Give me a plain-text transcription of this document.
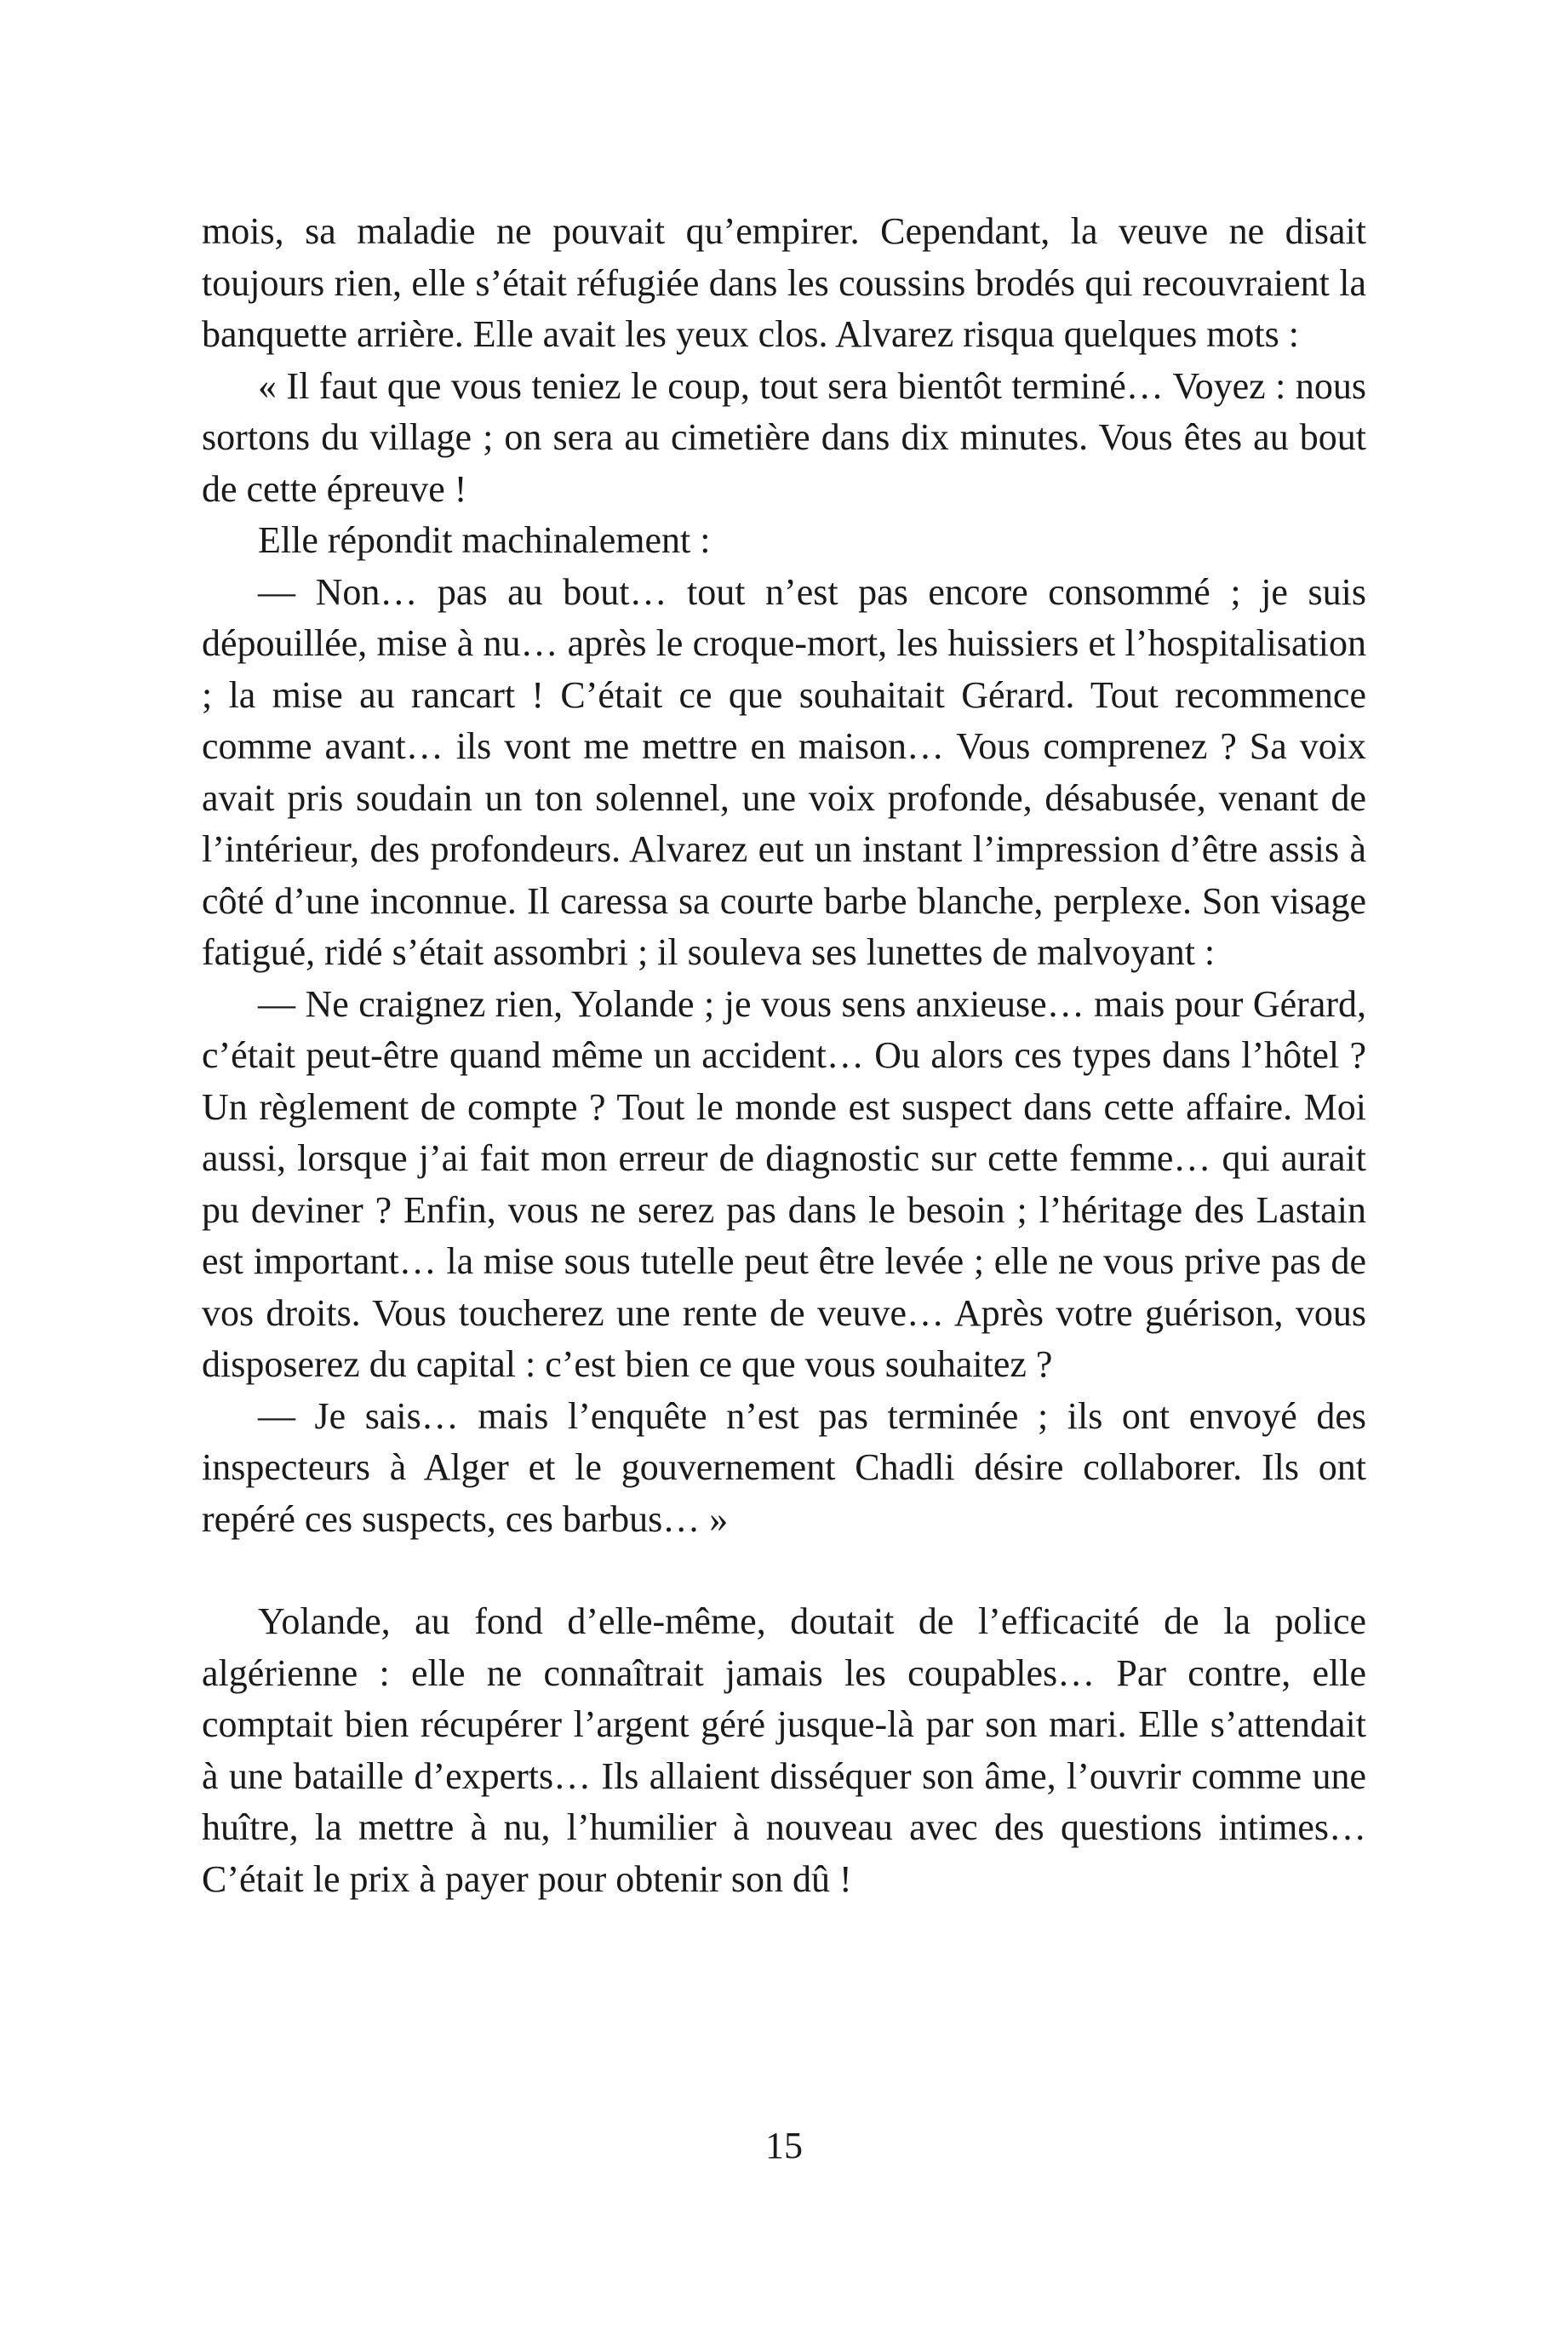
mois, sa maladie ne pouvait qu’empirer. Cependant, la veuve ne disait toujours rien, elle s’était réfugiée dans les coussins brodés qui recouvraient la banquette arrière. Elle avait les yeux clos. Alvarez risqua quelques mots :

« Il faut que vous teniez le coup, tout sera bientôt terminé… Voyez : nous sortons du village ; on sera au cimetière dans dix minutes. Vous êtes au bout de cette épreuve !

Elle répondit machinalement :

— Non… pas au bout… tout n’est pas encore consommé ; je suis dépouillée, mise à nu… après le croque-mort, les huissiers et l’hospitalisation ; la mise au rancart ! C’était ce que souhaitait Gérard. Tout recommence comme avant… ils vont me mettre en maison… Vous comprenez ? Sa voix avait pris soudain un ton solennel, une voix profonde, désabusée, venant de l’intérieur, des profondeurs. Alvarez eut un instant l’impression d’être assis à côté d’une inconnue. Il caressa sa courte barbe blanche, perplexe. Son visage fatigué, ridé s’était assombri ; il souleva ses lunettes de malvoyant :

— Ne craignez rien, Yolande ; je vous sens anxieuse… mais pour Gérard, c’était peut-être quand même un accident… Ou alors ces types dans l’hôtel ? Un règlement de compte ? Tout le monde est suspect dans cette affaire. Moi aussi, lorsque j’ai fait mon erreur de diagnostic sur cette femme… qui aurait pu deviner ? Enfin, vous ne serez pas dans le besoin ; l’héritage des Lastain est important… la mise sous tutelle peut être levée ; elle ne vous prive pas de vos droits. Vous toucherez une rente de veuve… Après votre guérison, vous disposerez du capital : c’est bien ce que vous souhaitez ?

— Je sais… mais l’enquête n’est pas terminée ; ils ont envoyé des inspecteurs à Alger et le gouvernement Chadli désire collaborer. Ils ont repéré ces suspects, ces barbus… »

Yolande, au fond d’elle-même, doutait de l’efficacité de la police algérienne : elle ne connaîtrait jamais les coupables… Par contre, elle comptait bien récupérer l’argent géré jusque-là par son mari. Elle s’attendait à une bataille d’experts… Ils allaient disséquer son âme, l’ouvrir comme une huître, la mettre à nu, l’humilier à nouveau avec des questions intimes… C’était le prix à payer pour obtenir son dû !

15
